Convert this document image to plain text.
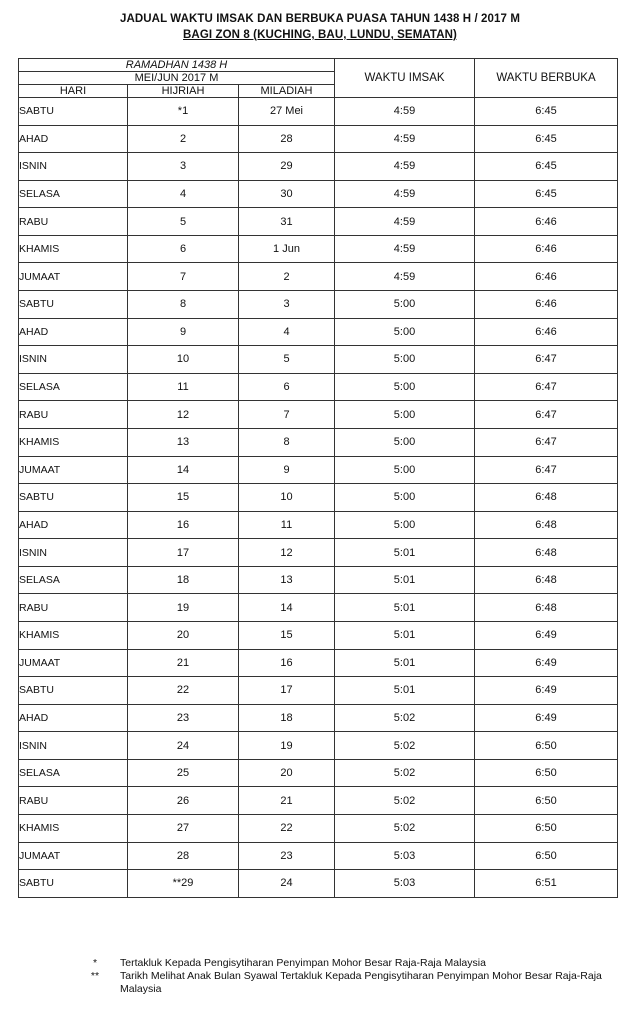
JADUAL WAKTU IMSAK DAN BERBUKA PUASA TAHUN 1438 H / 2017 M
BAGI ZON 8 (KUCHING, BAU, LUNDU, SEMATAN)
RAMADHAN 1438 H			WAKTU IMSAK	WAKTU BERBUKA
MEI/JUN 2017 M				
HARI	HIJRIAH	MILADIAH		
SABTU	*1	27 Mei	4:59	6:45
AHAD	2	28	4:59	6:45
ISNIN	3	29	4:59	6:45
SELASA	4	30	4:59	6:45
RABU	5	31	4:59	6:46
KHAMIS	6	1 Jun	4:59	6:46
JUMAAT	7	2	4:59	6:46
SABTU	8	3	5:00	6:46
AHAD	9	4	5:00	6:46
ISNIN	10	5	5:00	6:47
SELASA	11	6	5:00	6:47
RABU	12	7	5:00	6:47
KHAMIS	13	8	5:00	6:47
JUMAAT	14	9	5:00	6:47
SABTU	15	10	5:00	6:48
AHAD	16	11	5:00	6:48
ISNIN	17	12	5:01	6:48
SELASA	18	13	5:01	6:48
RABU	19	14	5:01	6:48
KHAMIS	20	15	5:01	6:49
JUMAAT	21	16	5:01	6:49
SABTU	22	17	5:01	6:49
AHAD	23	18	5:02	6:49
ISNIN	24	19	5:02	6:50
SELASA	25	20	5:02	6:50
RABU	26	21	5:02	6:50
KHAMIS	27	22	5:02	6:50
JUMAAT	28	23	5:03	6:50
SABTU	**29	24	5:03	6:51
*	Tertakluk Kepada Pengisytiharan Penyimpan Mohor Besar Raja-Raja Malaysia
**	Tarikh Melihat Anak Bulan Syawal Tertakluk Kepada Pengisytiharan Penyimpan Mohor Besar Raja-Raja Malaysia
